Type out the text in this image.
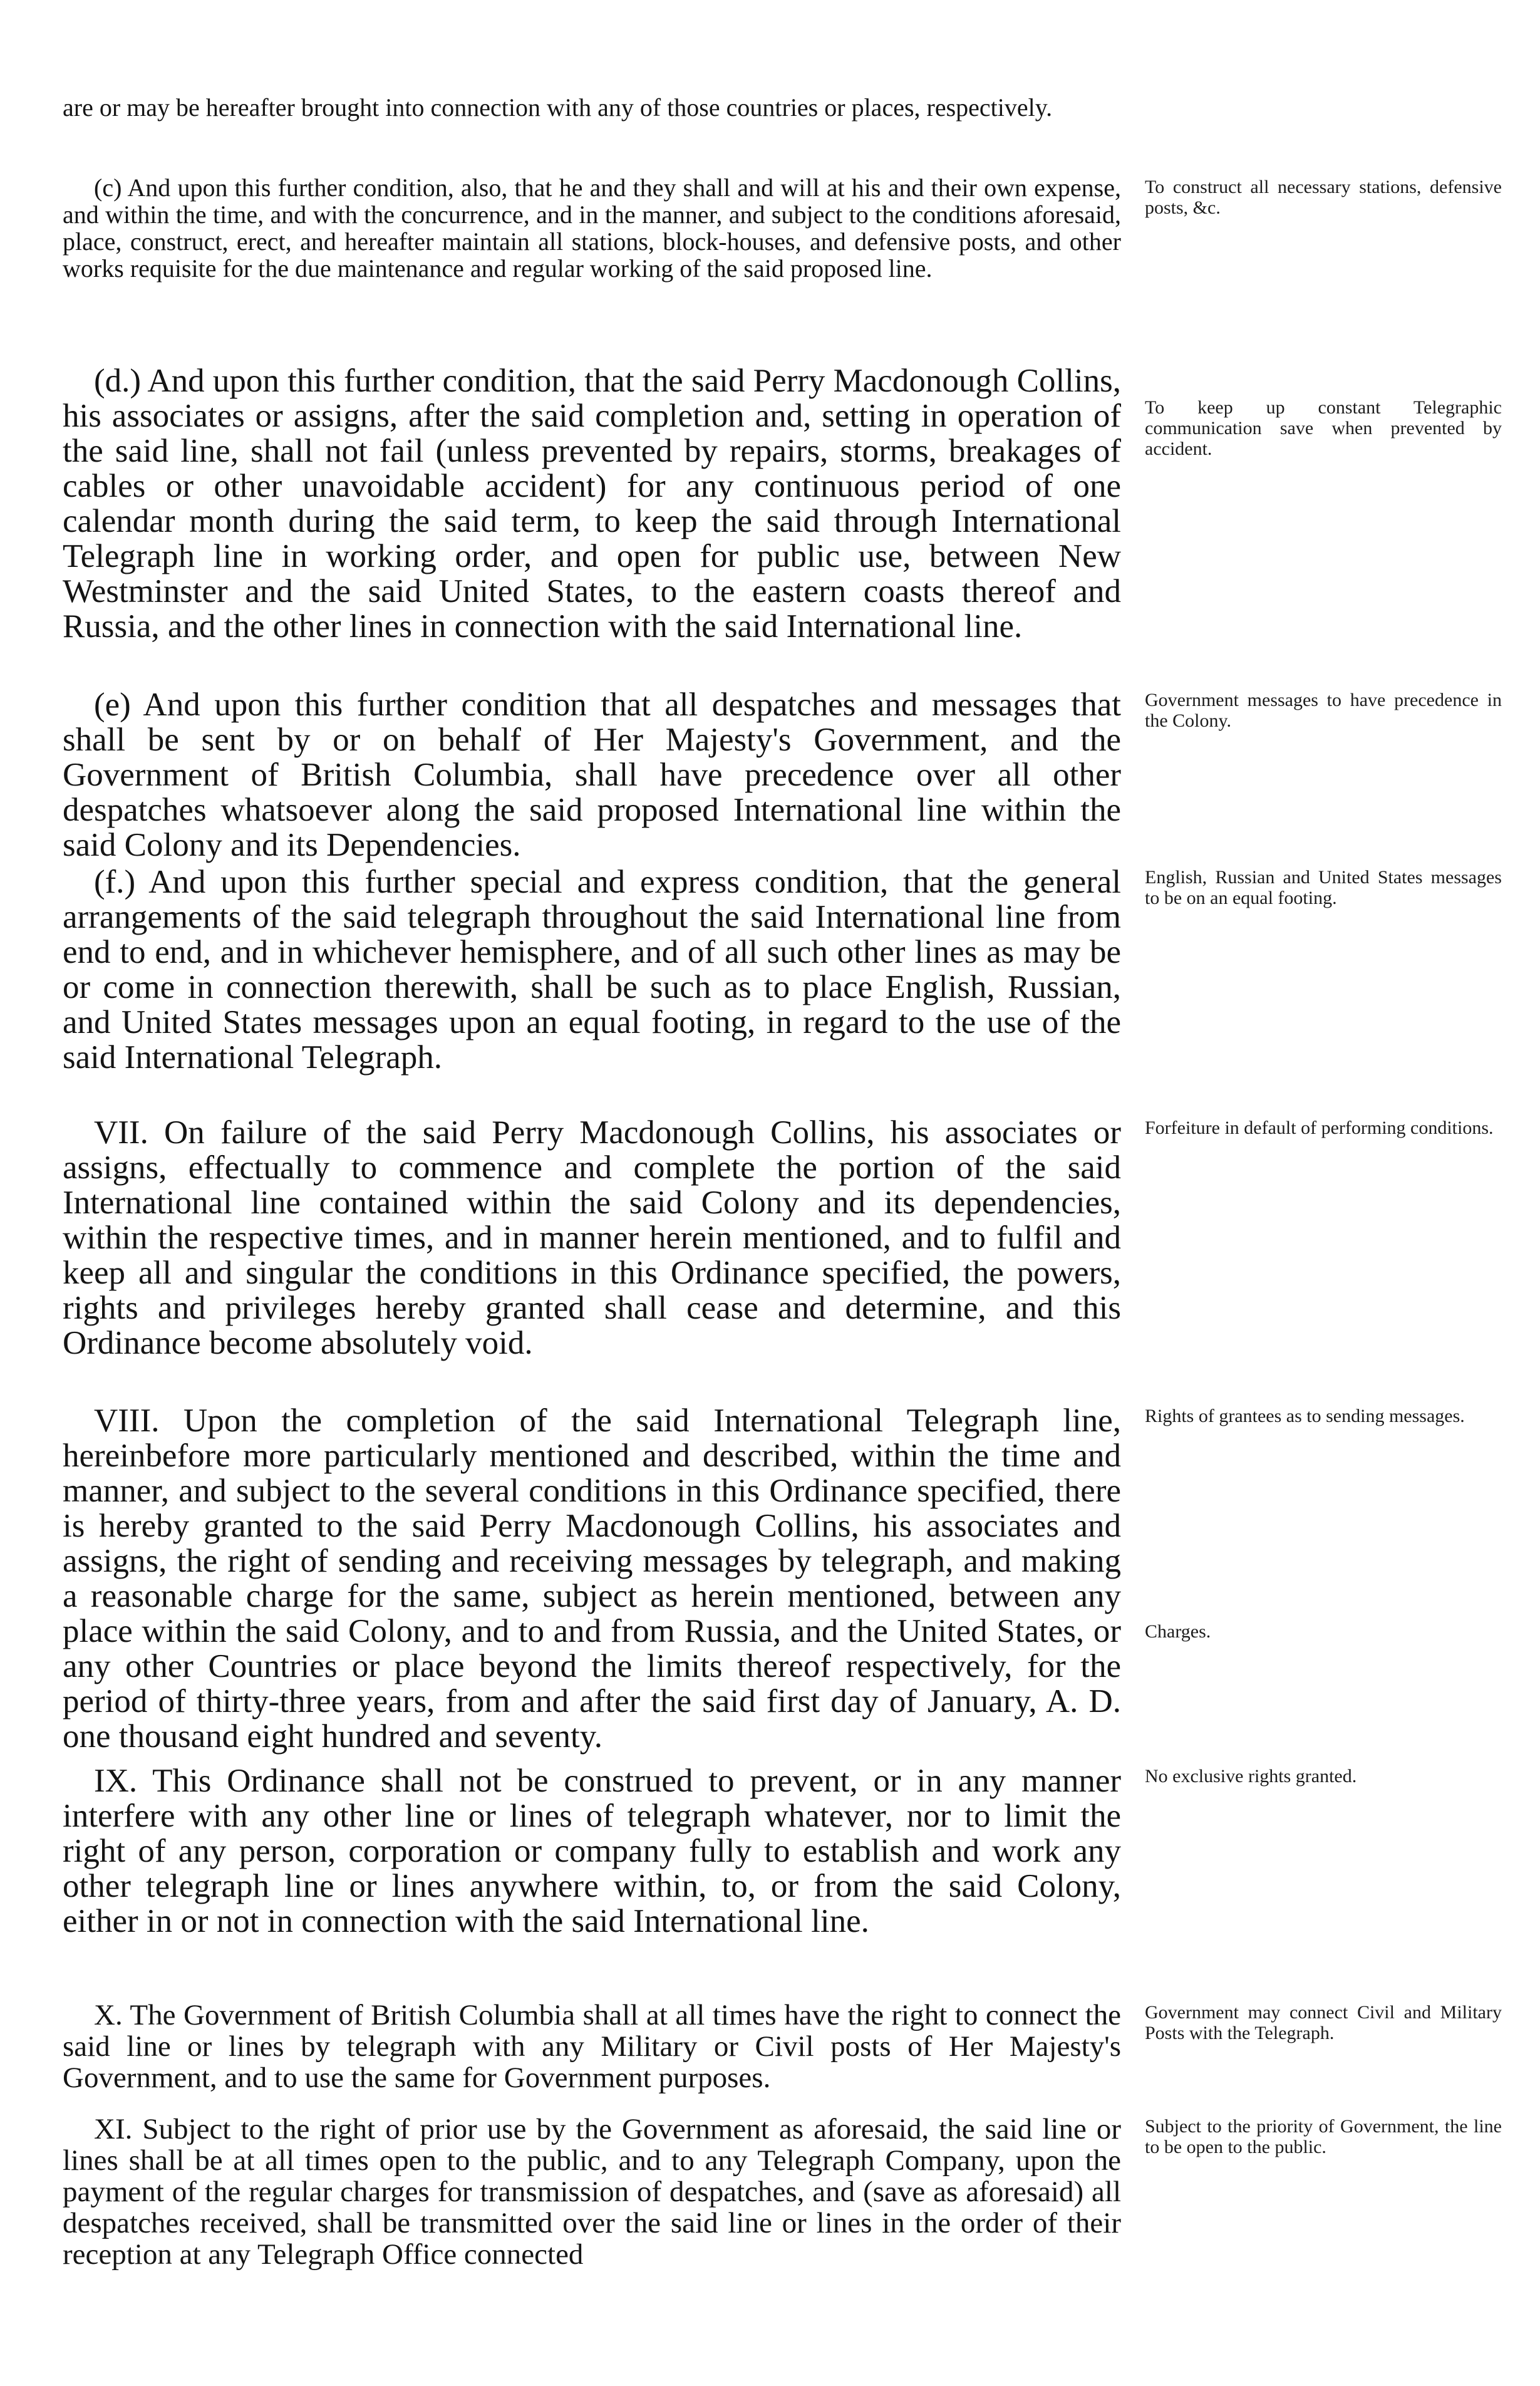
are or may be hereafter brought into connection with any of those countries or places, respectively.
(c) And upon this further condition, also, that he and they shall and will at his and their own expense, and within the time, and with the concurrence, and in the manner, and subject to the conditions aforesaid, place, construct, erect, and hereafter maintain all stations, block-houses, and defensive posts, and other works requisite for the due maintenance and regular working of the said proposed line.
To construct all necessary stations, defensive posts, &c.
(d.) And upon this further condition, that the said Perry Macdonough Collins, his associates or assigns, after the said completion and, setting in operation of the said line, shall not fail (unless prevented by repairs, storms, breakages of cables or other unavoidable accident) for any continuous period of one calendar month during the said term, to keep the said through International Telegraph line in working order, and open for public use, between New Westminster and the said United States, to the eastern coasts thereof and Russia, and the other lines in connection with the said International line.
To keep up constant Telegraphic communication save when prevented by accident.
(e) And upon this further condition that all despatches and messages that shall be sent by or on behalf of Her Majesty's Government, and the Government of British Columbia, shall have precedence over all other despatches whatsoever along the said proposed International line within the said Colony and its Dependencies.
Government messages to have precedence in the Colony.
(f.) And upon this further special and express condition, that the general arrangements of the said telegraph throughout the said International line from end to end, and in whichever hemisphere, and of all such other lines as may be or come in connection therewith, shall be such as to place English, Russian, and United States messages upon an equal footing, in regard to the use of the said International Telegraph.
English, Russian and United States messages to be on an equal footing.
VII. On failure of the said Perry Macdonough Collins, his associates or assigns, effectually to commence and complete the portion of the said International line contained within the said Colony and its dependencies, within the respective times, and in manner herein mentioned, and to fulfil and keep all and singular the conditions in this Ordinance specified, the powers, rights and privileges hereby granted shall cease and determine, and this Ordinance become absolutely void.
Forfeiture in default of performing conditions.
VIII. Upon the completion of the said International Telegraph line, hereinbefore more particularly mentioned and described, within the time and manner, and subject to the several conditions in this Ordinance specified, there is hereby granted to the said Perry Macdonough Collins, his associates and assigns, the right of sending and receiving messages by telegraph, and making a reasonable charge for the same, subject as herein mentioned, between any place within the said Colony, and to and from Russia, and the United States, or any other Countries or place beyond the limits thereof respectively, for the period of thirty-three years, from and after the said first day of January, A. D. one thousand eight hundred and seventy.
Rights of grantees as to sending messages.
Charges.
IX. This Ordinance shall not be construed to prevent, or in any manner interfere with any other line or lines of telegraph whatever, nor to limit the right of any person, corporation or company fully to establish and work any other telegraph line or lines anywhere within, to, or from the said Colony, either in or not in connection with the said International line.
No exclusive rights granted.
X. The Government of British Columbia shall at all times have the right to connect the said line or lines by telegraph with any Military or Civil posts of Her Majesty's Government, and to use the same for Government purposes.
Government may connect Civil and Military Posts with the Telegraph.
XI. Subject to the right of prior use by the Government as aforesaid, the said line or lines shall be at all times open to the public, and to any Telegraph Company, upon the payment of the regular charges for transmission of despatches, and (save as aforesaid) all despatches received, shall be transmitted over the said line or lines in the order of their reception at any Telegraph Office connected
Subject to the priority of Government, the line to be open to the public.
